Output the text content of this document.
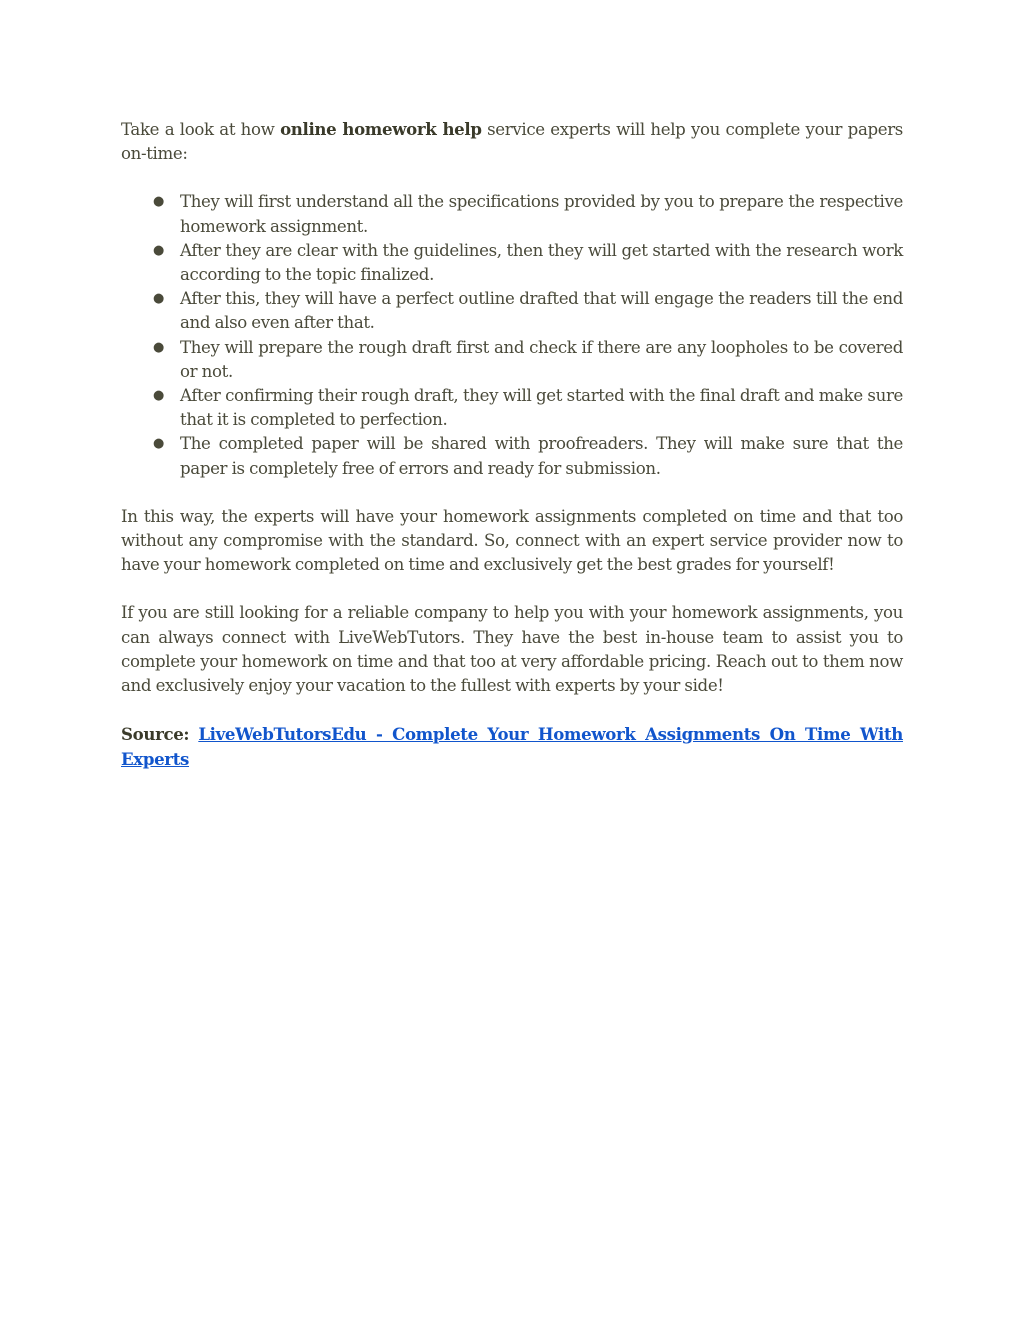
Take a look at how online homework help service experts will help you complete your papers on-time:

● They will first understand all the specifications provided by you to prepare the respective homework assignment.
● After they are clear with the guidelines, then they will get started with the research work according to the topic finalized.
● After this, they will have a perfect outline drafted that will engage the readers till the end and also even after that.
● They will prepare the rough draft first and check if there are any loopholes to be covered or not.
● After confirming their rough draft, they will get started with the final draft and make sure that it is completed to perfection.
● The completed paper will be shared with proofreaders. They will make sure that the paper is completely free of errors and ready for submission.

In this way, the experts will have your homework assignments completed on time and that too without any compromise with the standard. So, connect with an expert service provider now to have your homework completed on time and exclusively get the best grades for yourself!

If you are still looking for a reliable company to help you with your homework assignments, you can always connect with LiveWebTutors. They have the best in-house team to assist you to complete your homework on time and that too at very affordable pricing. Reach out to them now and exclusively enjoy your vacation to the fullest with experts by your side!

Source: LiveWebTutorsEdu - Complete Your Homework Assignments On Time With Experts
